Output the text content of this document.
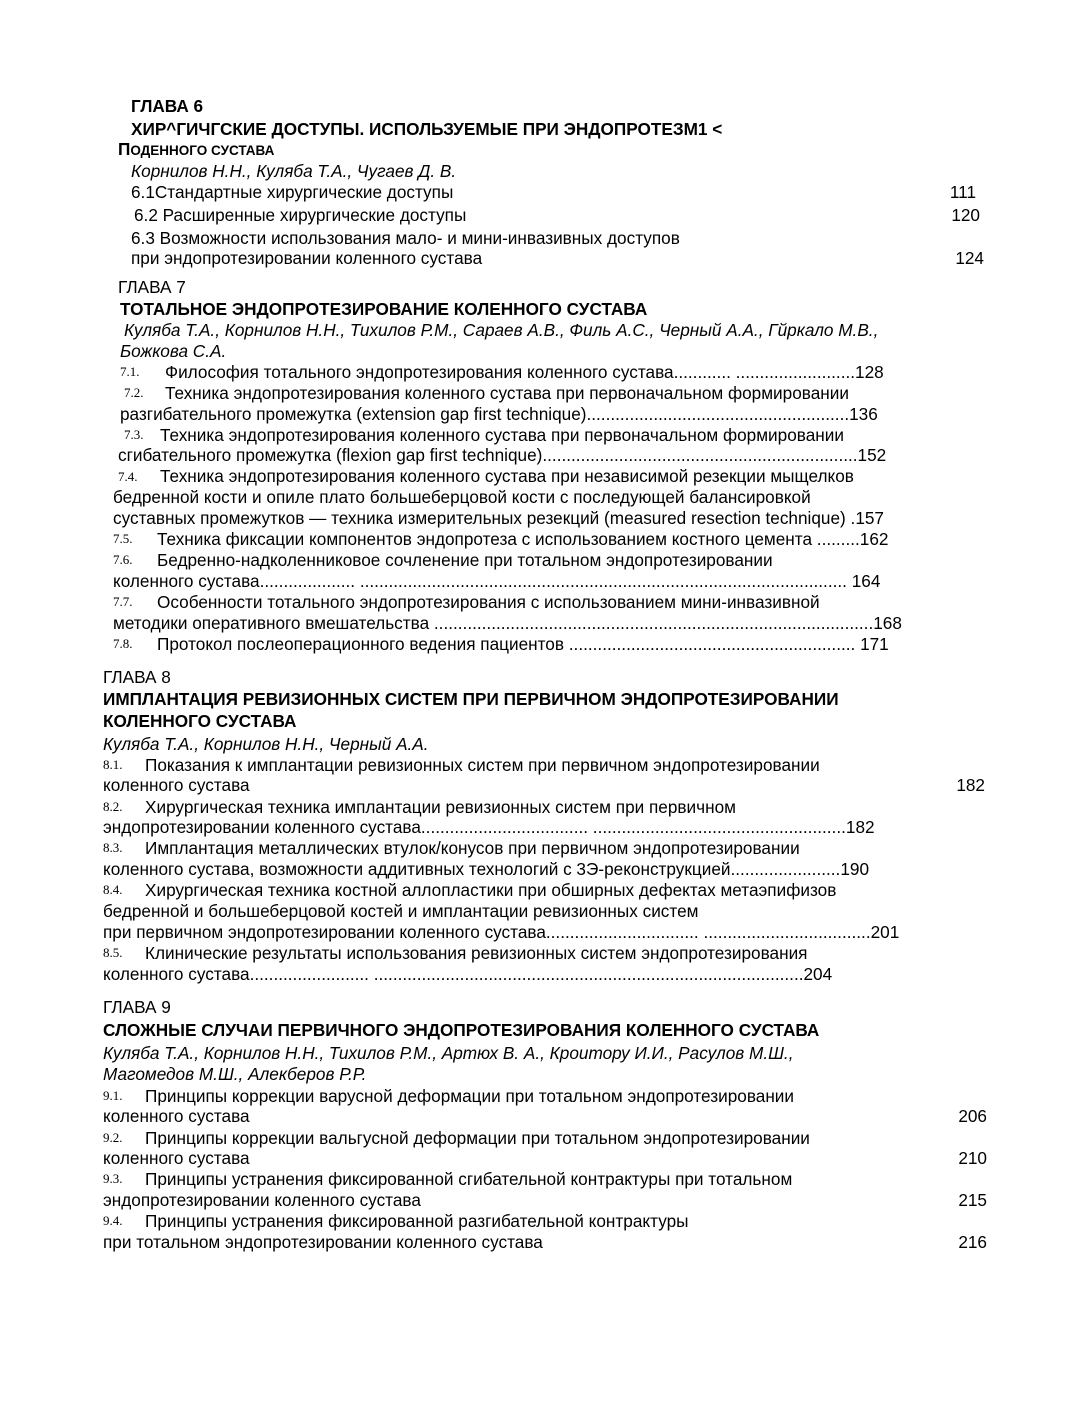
ГЛАВА 6
ХИР^ГИЧГСКИЕ ДОСТУПЫ. ИСПОЛЬЗУЕМЫЕ ПРИ ЭНДОПРОТЕЗМ1 <
ПОДЕННОГО СУСТАВА
Корнилов Н.Н., Куляба Т.А., Чугаев Д. В.
6.1Стандартные хирургические доступы	111
6.2 Расширенные хирургические доступы	120
6.3 Возможности использования мало- и мини-инвазивных доступов
при эндопротезировании коленного сустава	124
ГЛАВА 7
ТОТАЛЬНОЕ ЭНДОПРОТЕЗИРОВАНИЕ КОЛЕННОГО СУСТАВА
Куляба Т.А., Корнилов Н.Н., Тихилов Р.М., Сараев А.В., Филь А.С., Черный А.А., Гйркало М.В.,
Божкова С.А.
7.1. Философия тотального эндопротезирования коленного сустава............ .........................128
7.2. Техника эндопротезирования коленного сустава при первоначальном формировании
разгибательного промежутка (extension gap first technique).......................................................136
7.3. Техника эндопротезирования коленного сустава при первоначальном формировании
сгибательного промежутка (flexion gap first technique)..................................................................152
7.4. Техника эндопротезирования коленного сустава при независимой резекции мыщелков
бедренной кости и опиле плато большеберцовой кости с последующей балансировкой
суставных промежутков — техника измерительных резекций (measured resection technique) .157
7.5. Техника фиксации компонентов эндопротеза с использованием костного цемента .........162
7.6. Бедренно-надколенниковое сочленение при тотальном эндопротезировании
коленного сустава.................... ...................................................................................................... 164
7.7. Особенности тотального эндопротезирования с использованием мини-инвазивной
методики оперативного вмешательства ............................................................................................168
7.8. Протокол послеоперационного ведения пациентов ............................................................ 171
ГЛАВА 8
ИМПЛАНТАЦИЯ РЕВИЗИОННЫХ СИСТЕМ ПРИ ПЕРВИЧНОМ ЭНДОПРОТЕЗИРОВАНИИ
КОЛЕННОГО СУСТАВА
Куляба Т.А., Корнилов Н.Н., Черный А.А.
8.1. Показания к имплантации ревизионных систем при первичном эндопротезировании
коленного сустава	182
8.2. Хирургическая техника имплантации ревизионных систем при первичном
эндопротезировании коленного сустава................................... .....................................................182
8.3. Имплантация металлических втулок/конусов при первичном эндопротезировании
коленного сустава, возможности аддитивных технологий с 3Э-реконструкцией.......................190
8.4. Хирургическая техника костной аллопластики при обширных дефектах метаэпифизов
бедренной и большеберцовой костей и имплантации ревизионных систем
при первичном эндопротезировании коленного сустава................................ ...................................201
8.5. Клинические результаты использования ревизионных систем эндопротезирования
коленного сустава......................... ..........................................................................................204
ГЛАВА 9
СЛОЖНЫЕ СЛУЧАИ ПЕРВИЧНОГО ЭНДОПРОТЕЗИРОВАНИЯ КОЛЕННОГО СУСТАВА
Куляба Т.А., Корнилов Н.Н., Тихилов Р.М., Артюх В. А., Кроитору И.И., Расулов М.Ш.,
Магомедов М.Ш., Алекберов Р.Р.
9.1. Принципы коррекции варусной деформации при тотальном эндопротезировании
коленного сустава	206
9.2. Принципы коррекции вальгусной деформации при тотальном эндопротезировании
коленного сустава	210
9.3. Принципы устранения фиксированной сгибательной контрактуры при тотальном
эндопротезировании коленного сустава	215
9.4. Принципы устранения фиксированной разгибательной контрактуры
при тотальном эндопротезировании коленного сустава	216
